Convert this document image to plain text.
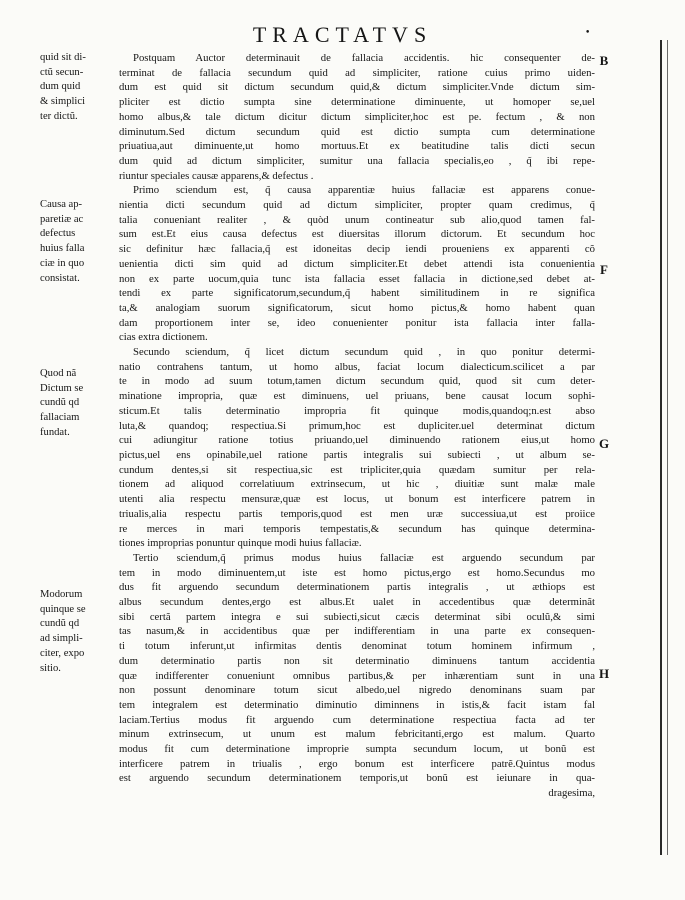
TRACTATVS	•
quid sit di-
ctũ secun-
dum quid
& simplici
ter dictũ.
Causa ap-
paretiæ ac
defectus
huius falla
ciæ in quo
consistat.
Quod nã
Dictum se
cundũ qd
fallaciam
fundat.
Modorum
quinque se
cundũ qd
ad simpli-
citer, expo
sitio.
Postquam Auctor determinauit de fallacia accidentis. hic consequenter de-
terminat de fallacia secundum quid ad simpliciter, ratione cuius primo uiden-
dum est quid sit dictum secundum quid,& dictum simpliciter.Vnde dictum sim-
pliciter est dictio sumpta sine determinatione diminuente, ut homoper se,uel
homo albus,& tale dictum dicitur dictum simpliciter,hoc est pe. fectum , & non
diminutum.Sed dictum secundum quid est dictio sumpta cum determinatione
priuatiua,aut diminuente,ut homo mortuus.Et ex beatitudine talis dicti secun
dum quid ad dictum simpliciter, sumitur una fallacia specialis,eo , q̃ ibi repe-
riuntur speciales causæ apparens,& defectus .
Primo sciendum est, q̃ causa apparentiæ huius fallaciæ est apparens conue-
nientia dicti secundum quid ad dictum simpliciter, propter quam credimus, q̃
talia conueniant realiter , & quòd unum contineatur sub alio,quod tamen fal-
sum est.Et eius causa defectus est diuersitas illorum dictorum. Et secundum hoc
sic definitur hæc fallacia,q̃ est idoneitas decip iendi proueniens ex apparenti cõ
uenientia dicti sim quid ad dictum simpliciter.Et debet attendi ista conuenientia
non ex parte uocum,quia tunc ista fallacia esset fallacia in dictione,sed debet at-
tendi ex parte significatorum,secundum,q̃ habent similitudinem in re significa
ta,& analogiam suorum significatorum, sicut homo pictus,& homo habent quan
dam proportionem inter se, ideo conuenienter ponitur ista fallacia inter falla-
cias extra dictionem.
Secundo sciendum, q̃ licet dictum secundum quid , in quo ponitur determi-
natio contrahens tantum, ut homo albus, faciat locum dialecticum.scilicet a par
te in modo ad suum totum,tamen dictum secundum quid, quod sit cum deter-
minatione impropria, quæ est diminuens, uel priuans, bene causat locum sophi-
sticum.Et talis determinatio impropria fit quinque modis,quandoq;n.est abso
luta,& quandoq; respectiua.Si primum,hoc est dupliciter.uel determinat dictum
cui adiungitur ratione totius priuando,uel diminuendo rationem eius,ut homo
pictus,uel ens opinabile,uel ratione partis integralis sui subiecti , ut album se-
cundum dentes,si sit respectiua,sic est tripliciter,quia quædam sumitur per rela-
tionem ad aliquod correlatiuum extrinsecum, ut hic , diuitiæ sunt malæ male
utenti alia respectu mensuræ,quæ est locus, ut bonum est interficere patrem in
triualis,alia respectu partis temporis,quod est men uræ successiua,ut est proiice
re merces in mari temporis tempestatis,& secundum has quinque determina-
tiones improprias ponuntur quinque modi huius fallaciæ.
Tertio sciendum,q̃ primus modus huius fallaciæ est arguendo secundum par
tem in modo diminuentem,ut iste est homo pictus,ergo est homo.Secundus mo
dus fit arguendo secundum determinationem partis integralis , ut æthiops est
albus secundum dentes,ergo est albus.Et ualet in accedentibus quæ determinãt
sibi certã partem integra e sui subiecti,sicut cæcis determinat sibi oculũ,& simi
tas nasum,& in accidentibus quæ per indifferentiam in una parte ex consequen-
ti totum inferunt,ut infirmitas dentis denominat totum hominem infirmum ,
dum determinatio partis non sit determinatio diminuens tantum accidentia
quæ indifferenter conueniunt omnibus partibus,& per inhærentiam sunt in una
non possunt denominare totum sicut albedo,uel nigredo denominans suam par
tem integralem est determinatio diminutio diminnens in istis,& facit istam fal
laciam.Tertius modus fit arguendo cum determinatione respectiua facta ad ter
minum extrinsecum, ut unum est malum febricitanti,ergo est malum. Quarto
modus fit cum determinatione improprie sumpta secundum locum, ut bonũ est
interficere patrem in triualis , ergo bonum est interficere patrẽ.Quintus modus
est arguendo secundum determinationem temporis,ut bonũ est ieiunare in qua-
dragesima,
B
F
G
H
